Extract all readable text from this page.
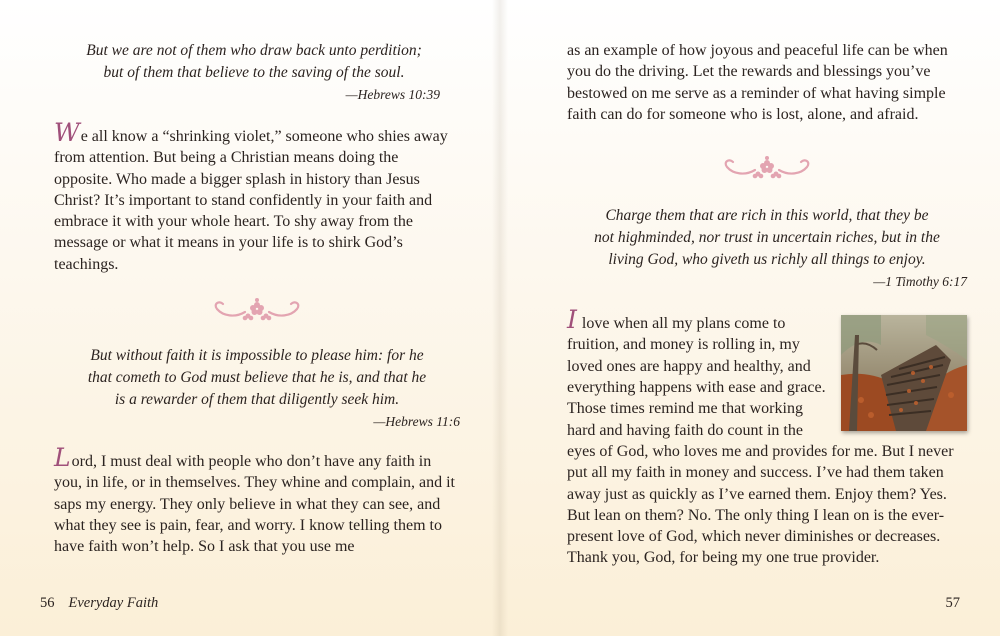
But we are not of them who draw back unto perdition;
but of them that believe to the saving of the soul.

—Hebrews 10:39

We all know a “shrinking violet,” someone who shies away from attention. But being a Christian means doing the opposite. Who made a bigger splash in history than Jesus Christ? It’s important to stand confidently in your faith and embrace it with your whole heart. To shy away from the message or what it means in your life is to shirk God’s teachings.

But without faith it is impossible to please him: for he
that cometh to God must believe that he is, and that he
is a rewarder of them that diligently seek him.

—Hebrews 11:6

Lord, I must deal with people who don’t have any faith in you, in life, or in themselves. They whine and complain, and it saps my energy. They only believe in what they can see, and what they see is pain, fear, and worry. I know telling them to have faith won’t help. So I ask that you use me

56 Everyday Faith

as an example of how joyous and peaceful life can be when you do the driving. Let the rewards and blessings you’ve bestowed on me serve as a reminder of what having simple faith can do for someone who is lost, alone, and afraid.

Charge them that are rich in this world, that they be
not highminded, nor trust in uncertain riches, but in the
living God, who giveth us richly all things to enjoy.

—1 Timothy 6:17

I love when all my plans come to fruition, and money is rolling in, my loved ones are happy and healthy, and everything happens with ease and grace. Those times remind me that working hard and having faith do count in the eyes of God, who loves me and provides for me. But I never put all my faith in money and success. I’ve had them taken away just as quickly as I’ve earned them. Enjoy them? Yes. But lean on them? No. The only thing I lean on is the ever-present love of God, which never diminishes or decreases. Thank you, God, for being my one true provider.

57
